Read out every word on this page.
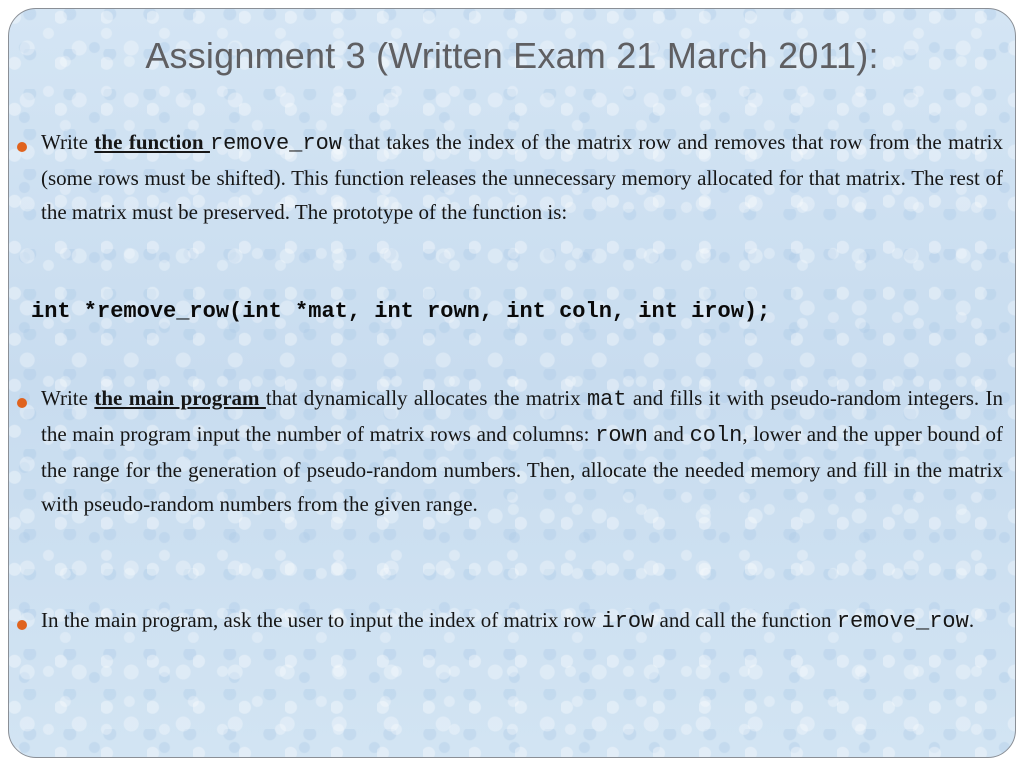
Assignment 3 (Written Exam 21 March 2011):
Write the function remove_row that takes the index of the matrix row and removes that row from the matrix (some rows must be shifted). This function releases the unnecessary memory allocated for that matrix. The rest of the matrix must be preserved. The prototype of the function is:
int *remove_row(int *mat, int rown, int coln, int irow);
Write the main program that dynamically allocates the matrix mat and fills it with pseudo-random integers. In the main program input the number of matrix rows and columns: rown and coln, lower and the upper bound of the range for the generation of pseudo-random numbers. Then, allocate the needed memory and fill in the matrix with pseudo-random numbers from the given range.
In the main program, ask the user to input the index of matrix row irow and call the function remove_row.
